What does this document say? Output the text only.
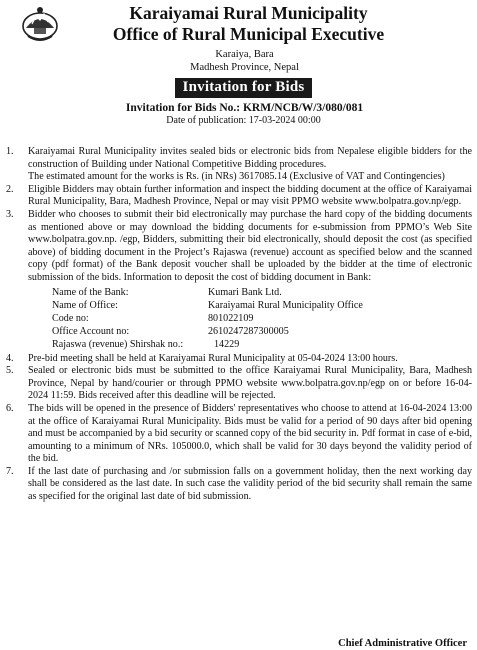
Karaiyamai Rural Municipality
Office of Rural Municipal Executive
Karaiya, Bara
Madhesh Province, Nepal
Invitation for Bids
Invitation for Bids No.: KRM/NCB/W/3/080/081
Date of publication: 17-03-2024 00:00
1. Karaiyamai Rural Municipality invites sealed bids or electronic bids from Nepalese eligible bidders for the construction of Building under National Competitive Bidding procedures.

The estimated amount for the works is Rs. (in NRs) 3617085.14 (Exclusive of VAT and Contingencies)

2. Eligible Bidders may obtain further information and inspect the bidding document at the office of Karaiyamai Rural Municipality, Bara, Madhesh Province, Nepal or may visit PPMO website www.bolpatra.gov.np/egp.

3. Bidder who chooses to submit their bid electronically may purchase the hard copy of the bidding documents as mentioned above or may download the bidding documents for e-submission from PPMO’s Web Site www.bolpatra.gov.np. /egp, Bidders, submitting their bid electronically, should deposit the cost (as specified above) of bidding document in the Project’s Rajaswa (revenue) account as specified below and the scanned copy (pdf format) of the Bank deposit voucher shall be uploaded by the bidder at the time of electronic submission of the bids. Information to deposit the cost of bidding document in Bank:

Name of the Bank:	Kumari Bank Ltd.
Name of Office:	Karaiyamai Rural Municipality Office
Code no:	801022109
Office Account no:	2610247287300005
Rajaswa (revenue) Shirshak no.:	14229
4. Pre-bid meeting shall be held at Karaiyamai Rural Municipality at 05-04-2024 13:00 hours.

5. Sealed or electronic bids must be submitted to the office Karaiyamai Rural Municipality, Bara, Madhesh Province, Nepal by hand/courier or through PPMO website www.bolpatra.gov.np/egp on or before 16-04-2024 11:59. Bids received after this deadline will be rejected.

6. The bids will be opened in the presence of Bidders' representatives who choose to attend at 16-04-2024 13:00 at the office of Karaiyamai Rural Municipality. Bids must be valid for a period of 90 days after bid opening and must be accompanied by a bid security or scanned copy of the bid security in. Pdf format in case of e-bid, amounting to a minimum of NRs. 105000.0, which shall be valid for 30 days beyond the validity period of the bid.

7. If the last date of purchasing and /or submission falls on a government holiday, then the next working day shall be considered as the last date. In such case the validity period of the bid security shall remain the same as specified for the original last date of bid submission.

Chief Administrative Officer
